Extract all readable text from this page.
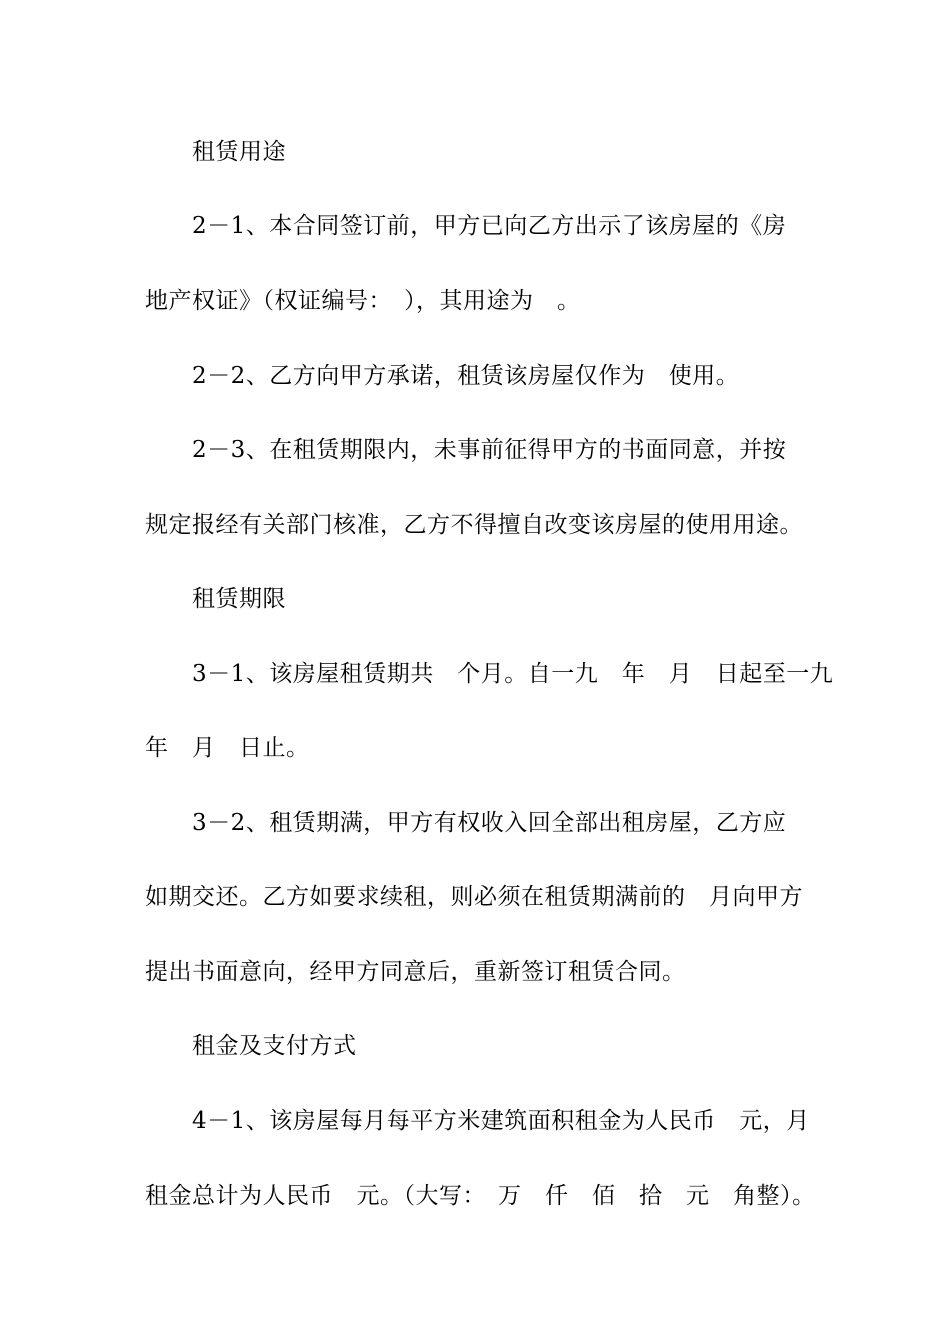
租赁用途
2－1、本合同签订前，甲方已向乙方出示了该房屋的《房
地产权证》（权证编号：　），其用途为　。
2－2、乙方向甲方承诺，租赁该房屋仅作为　使用。
2－3、在租赁期限内，未事前征得甲方的书面同意，并按
规定报经有关部门核准，乙方不得擅自改变该房屋的使用用途。
租赁期限
3－1、该房屋租赁期共　个月。自一九　年　月　日起至一九
年　月　日止。
3－2、租赁期满，甲方有权收入回全部出租房屋，乙方应
如期交还。乙方如要求续租，则必须在租赁期满前的　月向甲方
提出书面意向，经甲方同意后，重新签订租赁合同。
租金及支付方式
4－1、该房屋每月每平方米建筑面积租金为人民币　元，月
租金总计为人民币　元。（大写：　万　仟　佰　拾　元　角整）。
